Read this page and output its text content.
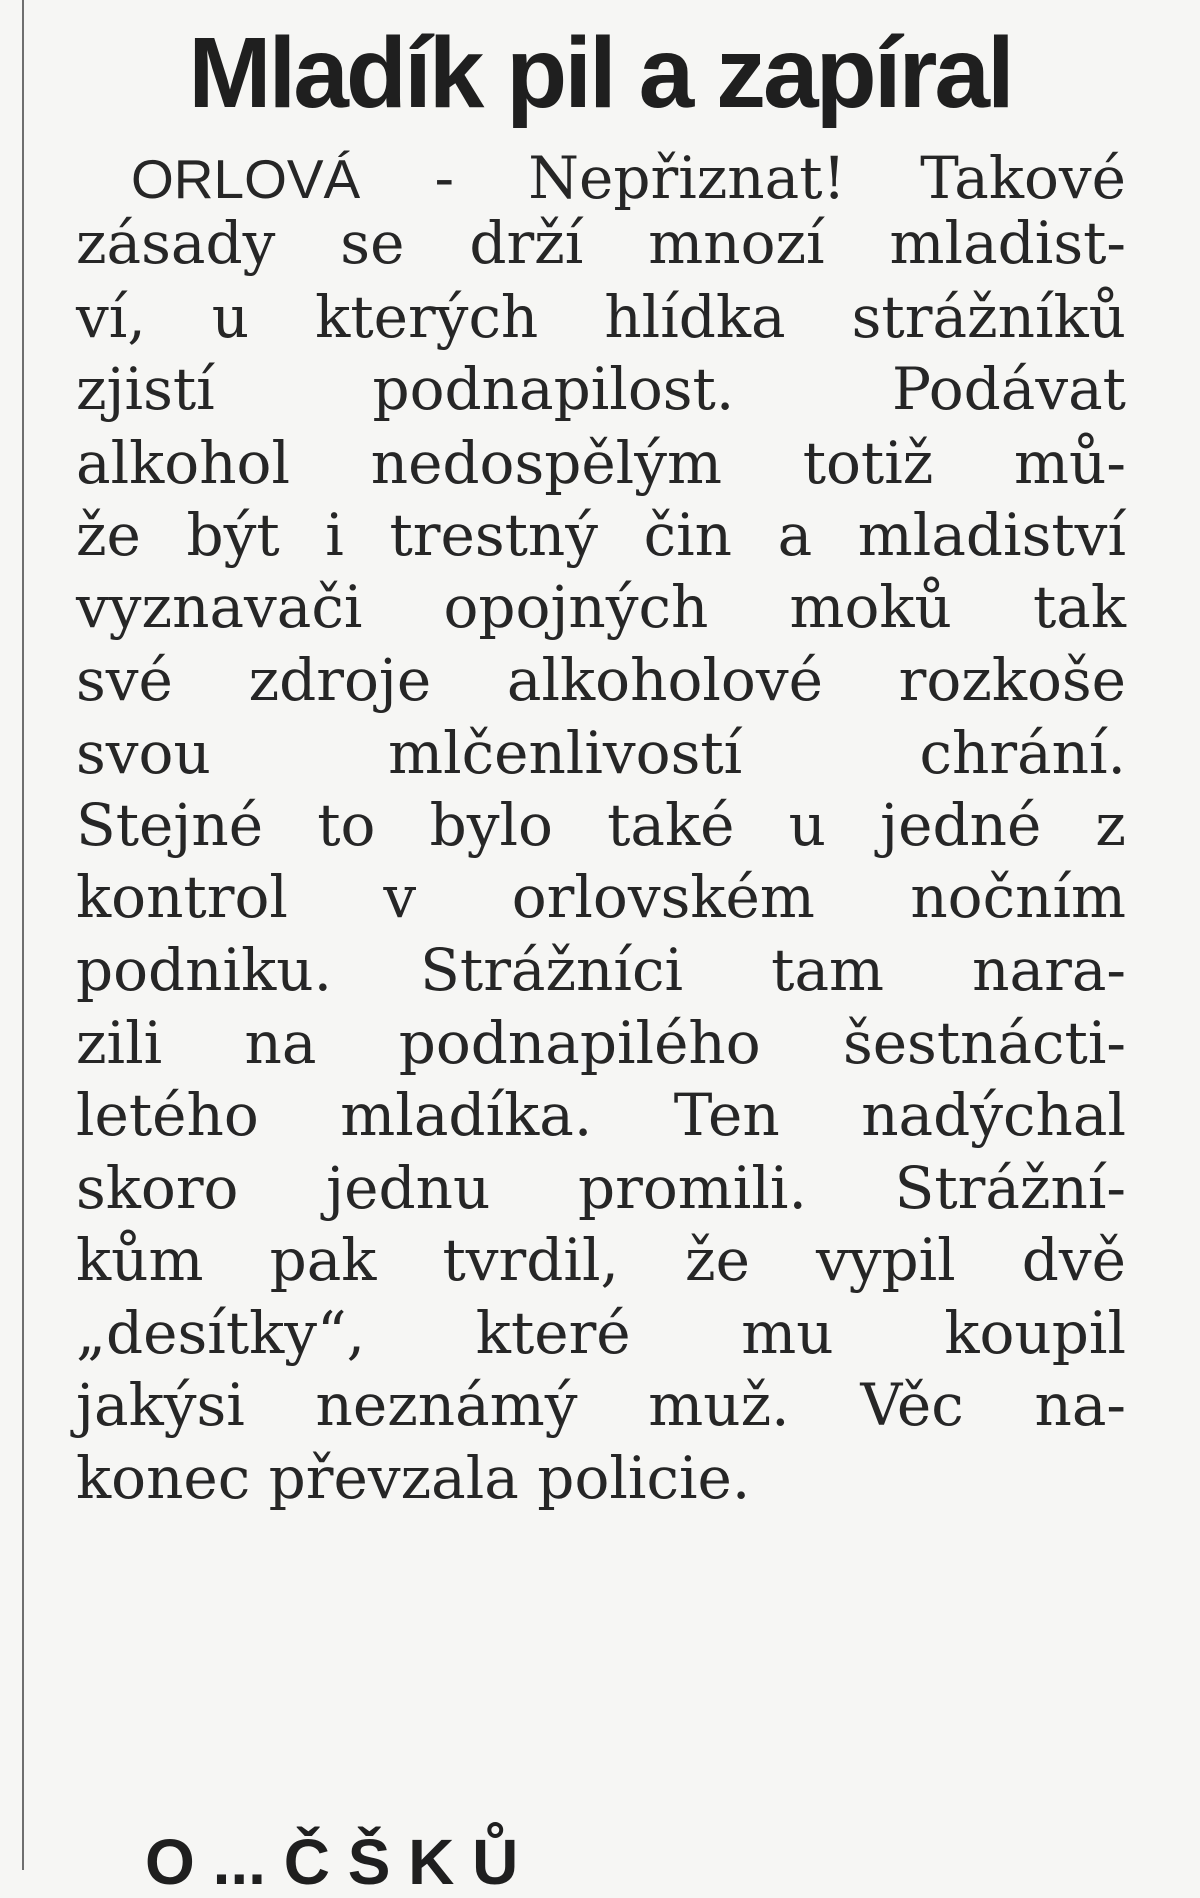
Mladík pil a zapíral
ORLOVÁ - Nepřiznat! Takové
zásady se drží mnozí mladist-
ví, u kterých hlídka strážníků
zjistí podnapilost. Podávat
alkohol nedospělým totiž mů-
že být i trestný čin a mladiství
vyznavači opojných moků tak
své zdroje alkoholové rozkoše
svou mlčenlivostí chrání.
Stejné to bylo také u jedné z
kontrol v orlovském nočním
podniku. Strážníci tam nara-
zili na podnapilého šestnácti-
letého mladíka. Ten nadýchal
skoro jednu promili. Strážní-
kům pak tvrdil, že vypil dvě
„desítky“, které mu koupil
jakýsi neznámý muž. Věc na-
konec převzala policie.
O ... Č Š K Ů
